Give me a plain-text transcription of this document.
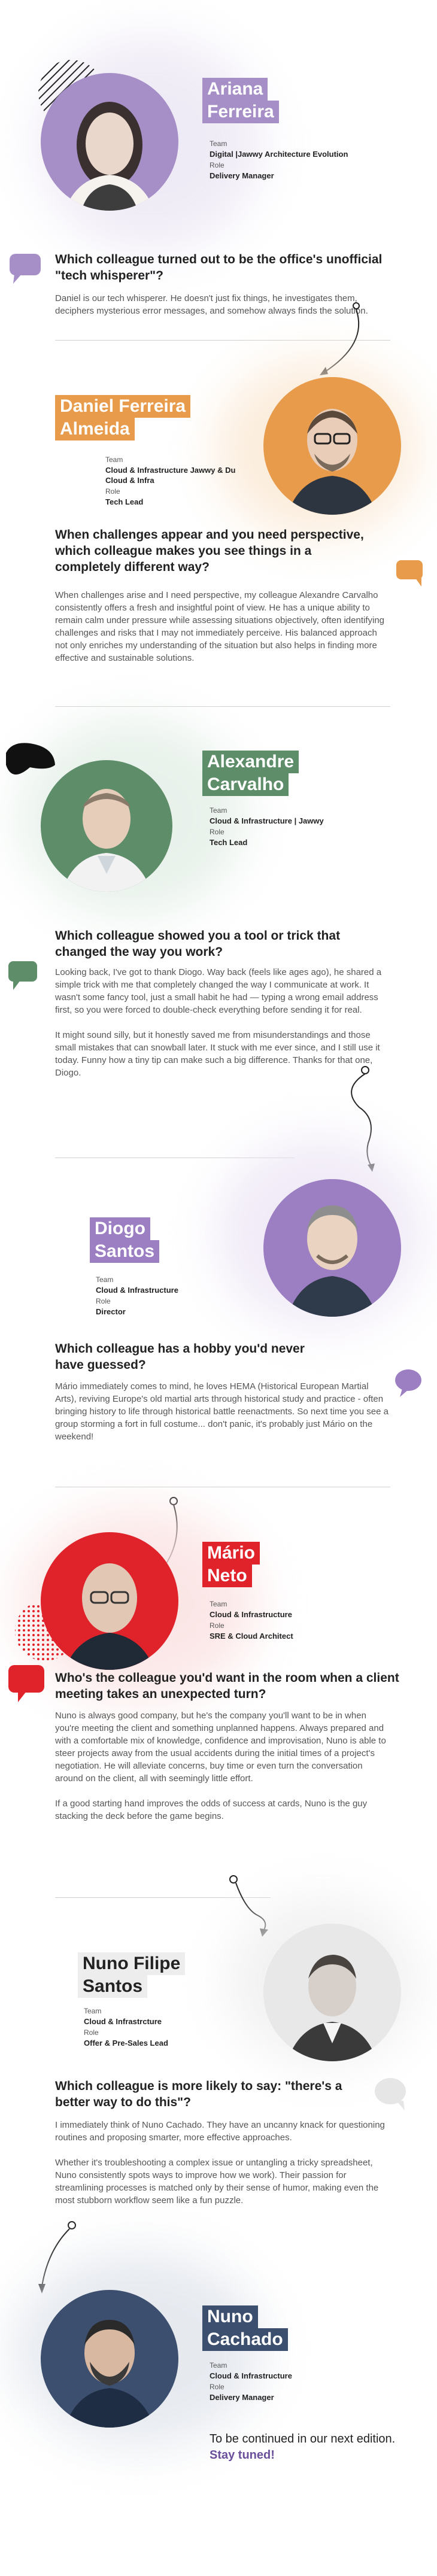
Ariana
Ferreira
Team
Digital |Jawwy Architecture Evolution
Role
Delivery Manager
Which colleague turned out to be the office's unofficial "tech whisperer"?

Daniel is our tech whisperer. He doesn't just fix things, he investigates them, deciphers mysterious error messages, and somehow always finds the solution.

Daniel Ferreira
Almeida
Team
Cloud & Infrastructure Jawwy & Du Cloud & Infra
Role
Tech Lead
When challenges appear and you need perspective, which colleague makes you see things in a completely different way?

When challenges arise and I need perspective, my colleague Alexandre Carvalho consistently offers a fresh and insightful point of view. He has a unique ability to remain calm under pressure while assessing situations objectively, often identifying challenges and risks that I may not immediately perceive. His balanced approach not only enriches my understanding of the situation but also helps in finding more effective and sustainable solutions.

Alexandre
Carvalho
Team
Cloud & Infrastructure | Jawwy
Role
Tech Lead
Which colleague showed you a tool or trick that changed the way you work?

Looking back, I've got to thank Diogo. Way back (feels like ages ago), he shared a simple trick with me that completely changed the way I communicate at work. It wasn't some fancy tool, just a small habit he had — typing a wrong email address first, so you were forced to double-check everything before sending it for real.

It might sound silly, but it honestly saved me from misunderstandings and those small mistakes that can snowball later. It stuck with me ever since, and I still use it today. Funny how a tiny tip can make such a big difference. Thanks for that one, Diogo.

Diogo
Santos
Team
Cloud & Infrastructure
Role
Director
Which colleague has a hobby you'd never have guessed?

Mário immediately comes to mind, he loves HEMA (Historical European Martial Arts), reviving Europe's old martial arts through historical study and practice - often bringing history to life through historical battle reenactments. So next time you see a group storming a fort in full costume... don't panic, it's probably just Mário on the weekend!

Mário
Neto
Team
Cloud & Infrastructure
Role
SRE & Cloud Architect
Who's the colleague you'd want in the room when a client meeting takes an unexpected turn?

Nuno is always good company, but he's the company you'll want to be in when you're meeting the client and something unplanned happens. Always prepared and with a comfortable mix of knowledge, confidence and improvisation, Nuno is able to steer projects away from the usual accidents during the initial times of a project's negotiation. He will alleviate concerns, buy time or even turn the conversation around on the client, all with seemingly little effort.

If a good starting hand improves the odds of success at cards, Nuno is the guy stacking the deck before the game begins.

Nuno Filipe
Santos
Team
Cloud & Infrastrcture
Role
Offer & Pre-Sales Lead
Which colleague is more likely to say: "there's a better way to do this"?

I immediately think of Nuno Cachado. They have an uncanny knack for questioning routines and proposing smarter, more effective approaches.

Whether it's troubleshooting a complex issue or untangling a tricky spreadsheet, Nuno consistently spots ways to improve how we work). Their passion for streamlining processes is matched only by their sense of humor, making even the most stubborn workflow seem like a fun puzzle.

Nuno
Cachado
Team
Cloud & Infrastructure
Role
Delivery Manager
To be continued in our next edition. Stay tuned!
